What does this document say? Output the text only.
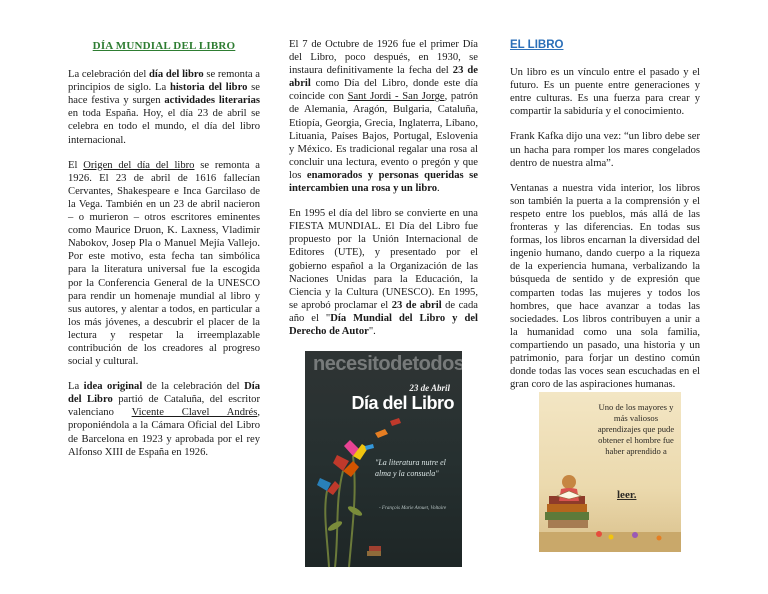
DÍA MUNDIAL DEL LIBRO

La celebración del día del libro se remonta a principios de siglo. La historia del libro se hace festiva y surgen actividades literarias en toda España. Hoy, el día 23 de abril se celebra en todo el mundo, el día del libro internacional.

El Origen del día del libro se remonta a 1926. El 23 de abril de 1616 fallecían Cervantes, Shakespeare e Inca Garcilaso de la Vega. También en un 23 de abril nacieron – o murieron – otros escritores eminentes como Maurice Druon, K. Laxness, Vladimir Nabokov, Josep Pla o Manuel Mejía Vallejo. Por este motivo, esta fecha tan simbólica para la literatura universal fue la escogida por la Conferencia General de la UNESCO para rendir un homenaje mundial al libro y sus autores, y alentar a todos, en particular a los más jóvenes, a descubrir el placer de la lectura y respetar la irreemplazable contribución de los creadores al progreso social y cultural.

La idea original de la celebración del Día del Libro partió de Cataluña, del escritor valenciano Vicente Clavel Andrés, proponiéndola a la Cámara Oficial del Libro de Barcelona en 1923 y aprobada por el rey Alfonso XIII de España en 1926.

El 7 de Octubre de 1926 fue el primer Día del Libro, poco después, en 1930, se instaura definitivamente la fecha del 23 de abril como Día del Libro, donde este día coincide con Sant Jordi - San Jorge, patrón de Alemania, Aragón, Bulgaria, Cataluña, Etiopía, Georgia, Grecia, Inglaterra, Líbano, Lituania, Países Bajos, Portugal, Eslovenia y México. Es tradicional regalar una rosa al concluir una lectura, evento o pregón y que los enamorados y personas queridas se intercambien una rosa y un libro.

En 1995 el día del libro se convierte en una FIESTA MUNDIAL. El Día del Libro fue propuesto por la Unión Internacional de Editores (UTE), y presentado por el gobierno español a la Organización de las Naciones Unidas para la Educación, la Ciencia y la Cultura (UNESCO). En 1995, se aprobó proclamar el 23 de abril de cada año el "Día Mundial del Libro y del Derecho de Autor".

necesitodetodos.com
23 de Abril
Día del Libro
"La literatura nutre el alma y la consuela"
- François Marie Arouet, Voltaire
EL LIBRO

Un libro es un vínculo entre el pasado y el futuro. Es un puente entre generaciones y entre culturas. Es una fuerza para crear y compartir la sabiduría y el conocimiento.

Frank Kafka dijo una vez: “un libro debe ser un hacha para romper los mares congelados dentro de nuestra alma”.

Ventanas a nuestra vida interior, los libros son también la puerta a la comprensión y el respeto entre los pueblos, más allá de las fronteras y las diferencias. En todas sus formas, los libros encarnan la diversidad del ingenio humano, dando cuerpo a la riqueza de la experiencia humana, verbalizando la búsqueda de sentido y de expresión que comparten todas las mujeres y todos los hombres, que hace avanzar a todas las sociedades. Los libros contribuyen a unir a la humanidad como una sola familia, compartiendo un pasado, una historia y un patrimonio, para forjar un destino común donde todas las voces sean escuchadas en el gran coro de las aspiraciones humanas.

Uno de los mayores y más valiosos aprendizajes que pude obtener el hombre fue haber aprendido a
leer.
